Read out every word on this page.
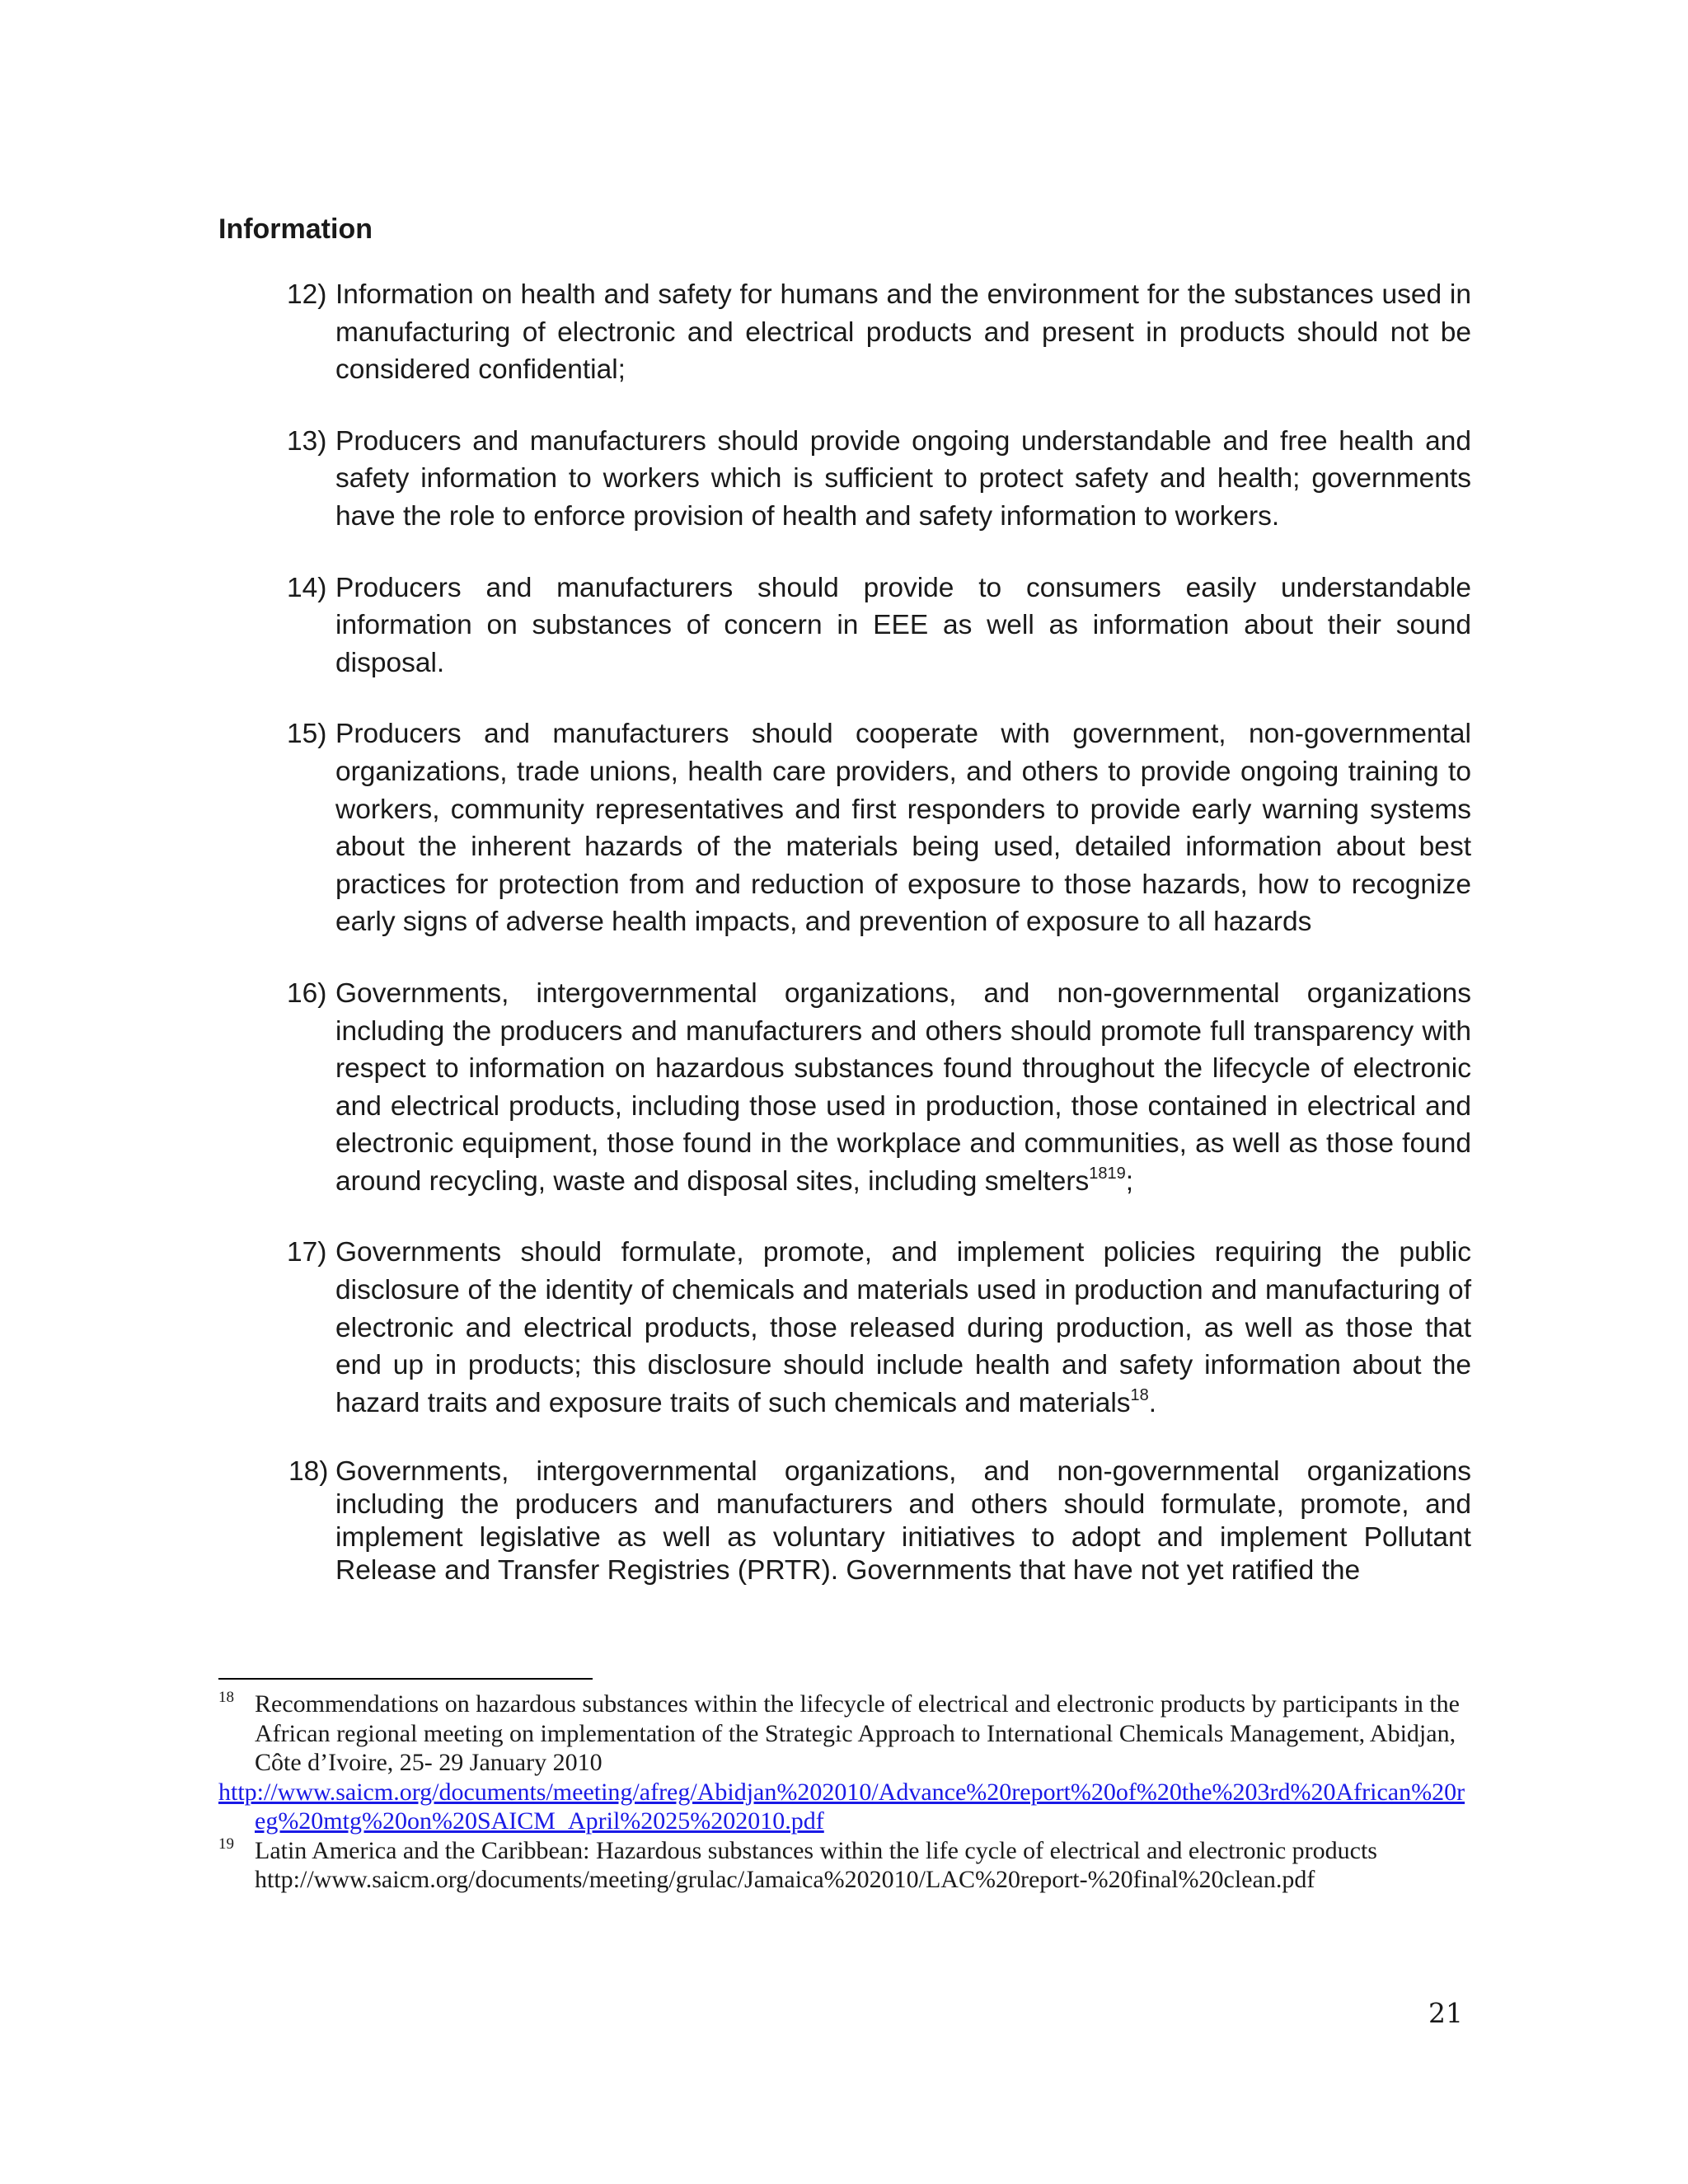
Information
12) Information on health and safety for humans and the environment for the substances used in manufacturing of electronic and electrical products and present in products should not be considered confidential;
13) Producers and manufacturers should provide ongoing understandable and free health and safety information to workers which is sufficient to protect safety and health; governments have the role to enforce provision of health and safety information to workers.
14) Producers and manufacturers should provide to consumers easily understandable information on substances of concern in EEE as well as information about their sound disposal.
15) Producers and manufacturers should cooperate with government, non-governmental organizations, trade unions, health care providers, and others to provide ongoing training to workers, community representatives and first responders to provide early warning systems about the inherent hazards of the materials being used, detailed information about best practices for protection from and reduction of exposure to those hazards, how to recognize early signs of adverse health impacts, and prevention of exposure to all hazards
16) Governments, intergovernmental organizations, and non-governmental organizations including the producers and manufacturers and others should promote full transparency with respect to information on hazardous substances found throughout the lifecycle of electronic and electrical products, including those used in production, those contained in electrical and electronic equipment, those found in the workplace and communities, as well as those found around recycling, waste and disposal sites, including smelters$^{1819}$;
17) Governments should formulate, promote, and implement policies requiring the public disclosure of the identity of chemicals and materials used in production and manufacturing of electronic and electrical products, those released during production, as well as those that end up in products; this disclosure should include health and safety information about the hazard traits and exposure traits of such chemicals and materials$^{18}$.
18) Governments, intergovernmental organizations, and non-governmental organizations including the producers and manufacturers and others should formulate, promote, and implement legislative as well as voluntary initiatives to adopt and implement Pollutant Release and Transfer Registries (PRTR). Governments that have not yet ratified the
18 Recommendations on hazardous substances within the lifecycle of electrical and electronic products by participants in the African regional meeting on implementation of the Strategic Approach to International Chemicals Management, Abidjan, Côte d’Ivoire, 25- 29 January 2010
http://www.saicm.org/documents/meeting/afreg/Abidjan%202010/Advance%20report%20of%20the%203rd%20African%20reg%20mtg%20on%20SAICM_April%2025%202010.pdf
19 Latin America and the Caribbean: Hazardous substances within the life cycle of electrical and electronic products
http://www.saicm.org/documents/meeting/grulac/Jamaica%202010/LAC%20report-%20final%20clean.pdf
21
